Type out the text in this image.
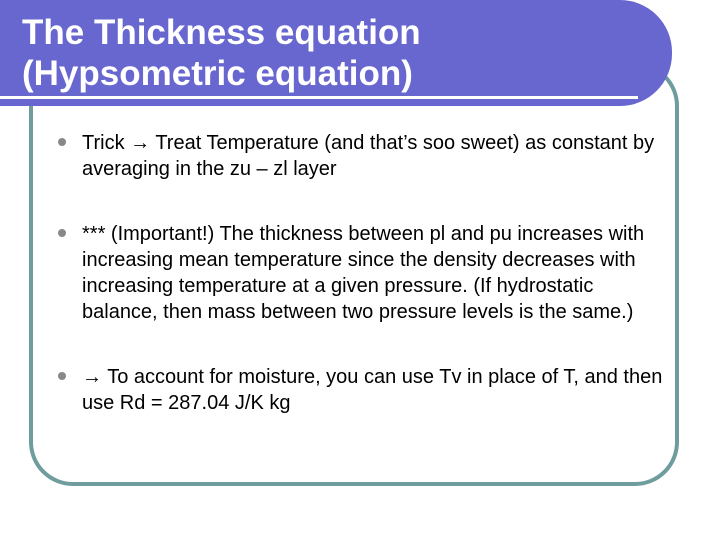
The Thickness equation
(Hypsometric equation)
Trick → Treat Temperature (and that’s soo sweet) as constant by averaging in the zu – zl layer
*** (Important!) The thickness between pl and pu increases with increasing mean temperature since the density decreases with increasing temperature at a given pressure. (If hydrostatic balance, then mass between two pressure levels is the same.)
→ To account for moisture, you can use Tv in place of T, and then use Rd = 287.04 J/K kg
